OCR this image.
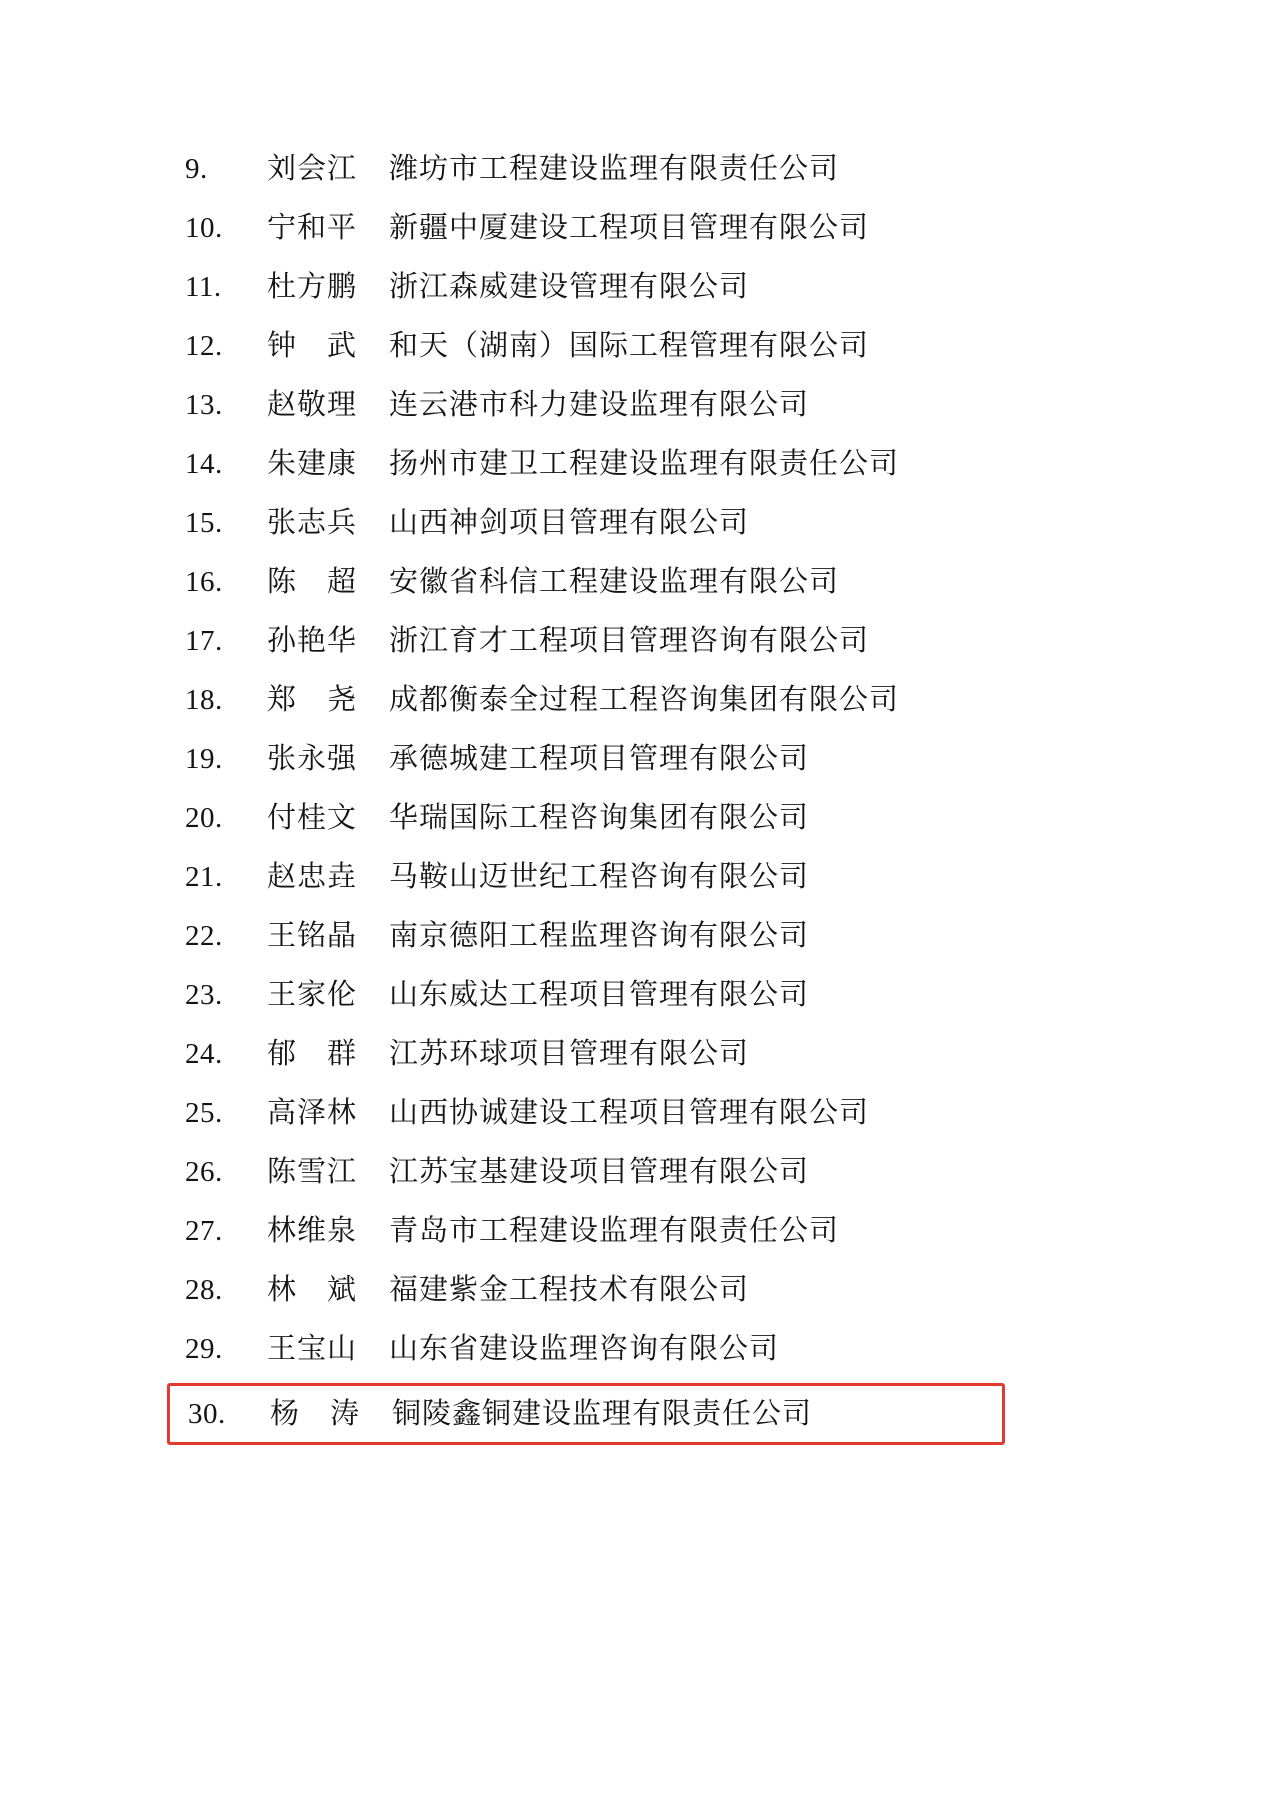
9.	刘会江	潍坊市工程建设监理有限责任公司
10.	宁和平	新疆中厦建设工程项目管理有限公司
11.	杜方鹏	浙江森威建设管理有限公司
12.	钟　武	和天（湖南）国际工程管理有限公司
13.	赵敬理	连云港市科力建设监理有限公司
14.	朱建康	扬州市建卫工程建设监理有限责任公司
15.	张志兵	山西神剑项目管理有限公司
16.	陈　超	安徽省科信工程建设监理有限公司
17.	孙艳华	浙江育才工程项目管理咨询有限公司
18.	郑　尧	成都衡泰全过程工程咨询集团有限公司
19.	张永强	承德城建工程项目管理有限公司
20.	付桂文	华瑞国际工程咨询集团有限公司
21.	赵忠垚	马鞍山迈世纪工程咨询有限公司
22.	王铭晶	南京德阳工程监理咨询有限公司
23.	王家伦	山东威达工程项目管理有限公司
24.	郁　群	江苏环球项目管理有限公司
25.	高泽林	山西协诚建设工程项目管理有限公司
26.	陈雪江	江苏宝基建设项目管理有限公司
27.	林维泉	青岛市工程建设监理有限责任公司
28.	林　斌	福建紫金工程技术有限公司
29.	王宝山	山东省建设监理咨询有限公司
30.	杨　涛	铜陵鑫铜建设监理有限责任公司
